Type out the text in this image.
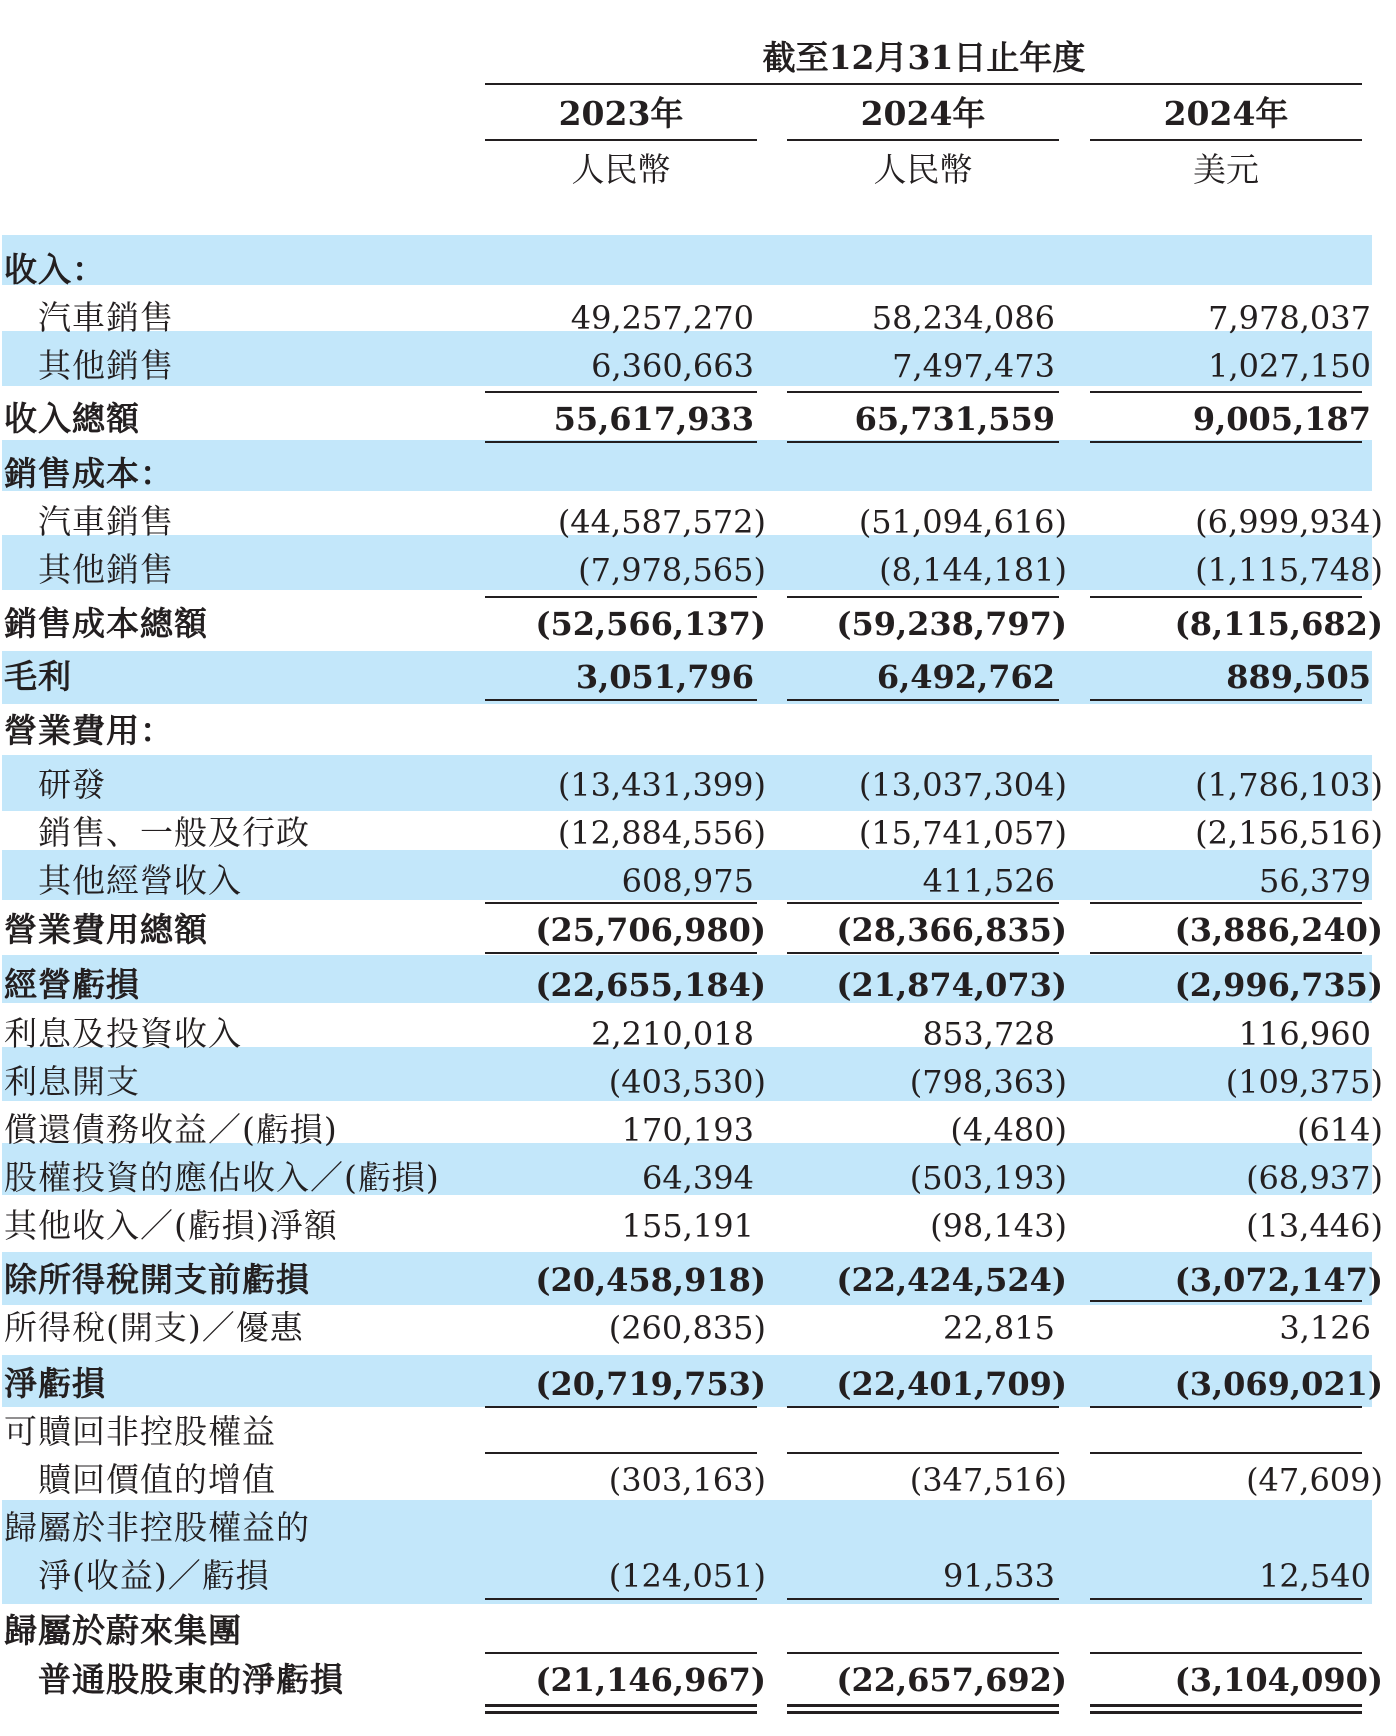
截至12月31日止年度
2023年	2024年	2024年
人民幣	人民幣	美元
收入：
汽車銷售	49,257,270	58,234,086	7,978,037
其他銷售	6,360,663	7,497,473	1,027,150
收入總額	55,617,933	65,731,559	9,005,187
銷售成本：
汽車銷售	(44,587,572)	(51,094,616)	(6,999,934)
其他銷售	(7,978,565)	(8,144,181)	(1,115,748)
銷售成本總額	(52,566,137) (59,238,797)	(8,115,682)
毛利	3,051,796	6,492,762	889,505
營業費用：
研發	(13,431,399)	(13,037,304)	(1,786,103)
銷售、一般及行政	(12,884,556)	(15,741,057)	(2,156,516)
其他經營收入	608,975	411,526	56,379
營業費用總額	(25,706,980) (28,366,835)	(3,886,240)
經營虧損	(22,655,184) (21,874,073)	(2,996,735)
利息及投資收入	2,210,018	853,728	116,960
利息開支	(403,530)	(798,363)	(109,375)
償還債務收益／(虧損)	170,193	(4,480)	(614)
股權投資的應佔收入／(虧損)	64,394	(503,193)	(68,937)
其他收入／(虧損)淨額	155,191	(98,143)	(13,446)
除所得稅開支前虧損	(20,458,918) (22,424,524)	(3,072,147)
所得稅(開支)／優惠	(260,835)	22,815	3,126
淨虧損	(20,719,753) (22,401,709)	(3,069,021)
可贖回非控股權益
贖回價值的增值	(303,163)	(347,516)	(47,609)
歸屬於非控股權益的
淨(收益)／虧損	(124,051)	91,533	12,540
歸屬於蔚來集團
普通股股東的淨虧損	(21,146,967) (22,657,692)	(3,104,090)
